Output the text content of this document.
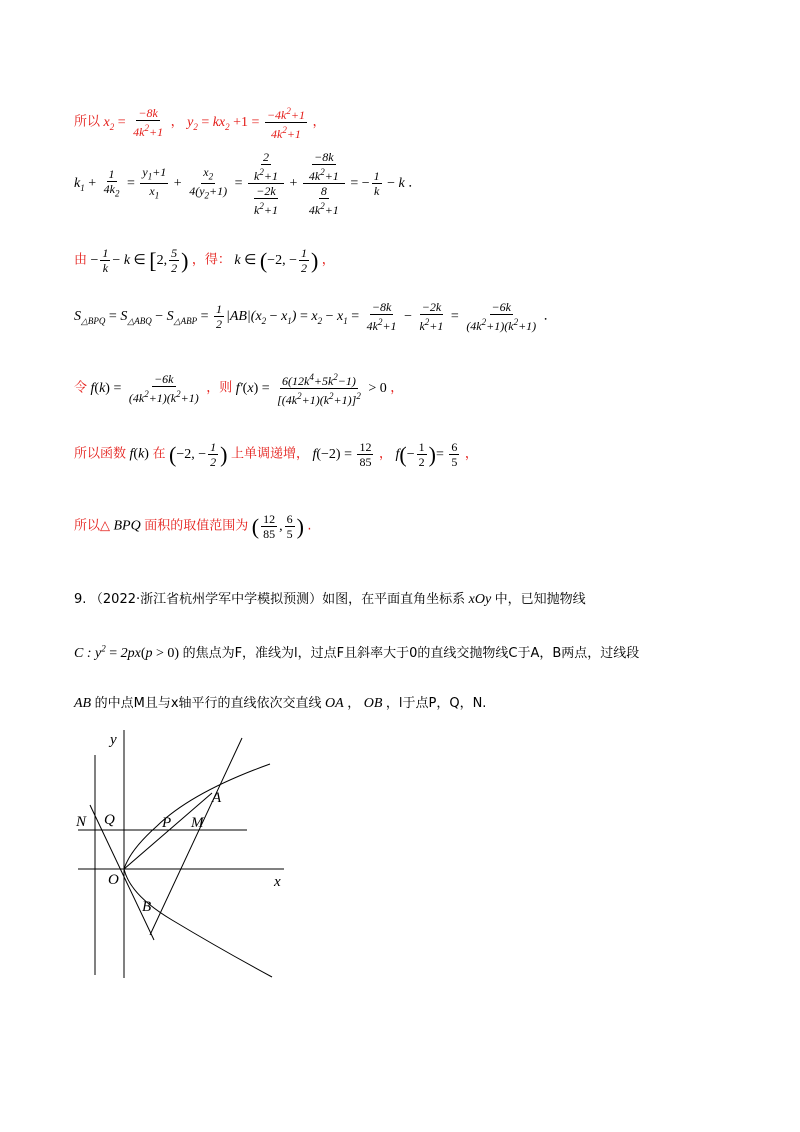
所以 $x_2 = \frac{-8k}{4k^2+1}$ ， $y_2 = kx_2 +1 = \frac{-4k^2+1}{4k^2+1}$ ，
$k_1 + \frac{1}{4k_2} = \frac{y_1+1}{x_1} + \frac{x_2}{4(y_2+1)} = \frac{\frac{2}{k^2+1}}{\frac{-2k}{k^2+1}} + \frac{\frac{-8k}{4k^2+1}}{\frac{8}{4k^2+1}}$ = − $\frac{1}{k} - k$ ．
由 − $\frac{1}{k} - k$ ∈ [2, $\frac{5}{2}$ ) ，得： k ∈ (−2, − $\frac{1}{2}$ ) ，
$S_{\triangle BPQ} = S_{\triangle ABQ} - S_{\triangle ABP} = \frac{1}{2} |AB|(x_2 - x_1) = x_2 - x_1 = \frac{-8k}{4k^2+1} - \frac{-2k}{k^2+1} = \frac{-6k}{(4k^2+1)(k^2+1)}$ ．
令 $f(k) = \frac{-6k}{(4k^2+1)(k^2+1)}$ ，则 $f'(x) = \frac{6(12k^4+5k^2-1)}{[(4k^2+1)(k^2+1)]^2} > 0$ ，
所以函数 f(k) 在 (−2, − $\frac{1}{2}$ ) 上单调递增， $f(-2) = \frac{12}{85}$ ， $f(- \frac{1}{2}$ )= $\frac{6}{5}$ ，
所以△ BPQ 面积的取值范围为 ( $\frac{12}{85}$ , $\frac{6}{5}$ ) .
9. （2022·浙江省杭州学军中学模拟预测）如图，在平面直角坐标系 xOy 中，已知抛物线
C : $y^2 = 2px(p > 0)$ 的焦点为F，准线为l，过点F且斜率大于0的直线交抛物线C于A，B两点，过线段
AB 的中点M且与x轴平行的直线依次交直线 OA ， OB ，l于点P，Q，N.
y
x
O
A
B
N Q	P M
